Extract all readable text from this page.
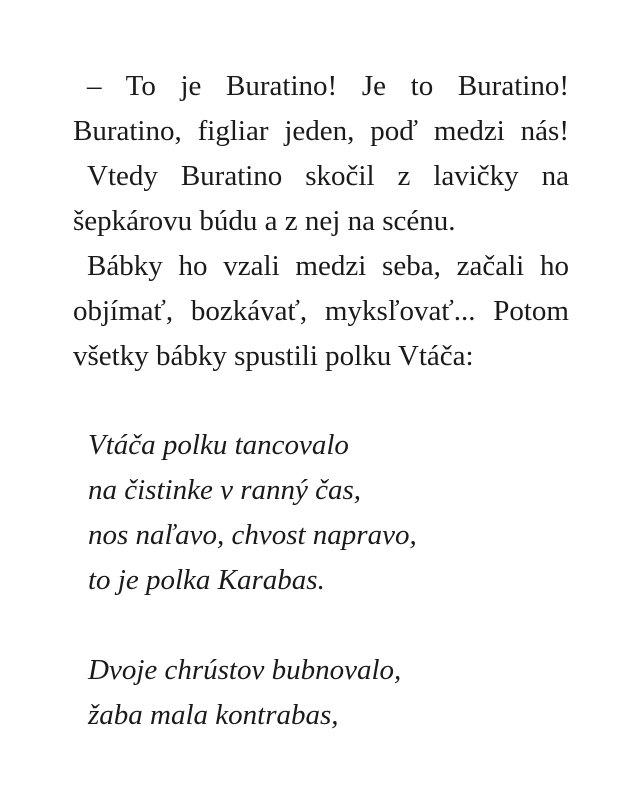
– To je Buratino! Je to Buratino!
Buratino, figliar jeden, poď medzi nás!
Vtedy Buratino skočil z lavičky na
šepkárovu búdu a z nej na scénu.
Bábky ho vzali medzi seba, začali ho
objímať, bozkávať, myksľovať... Potom
všetky bábky spustili polku Vtáča:
Vtáča polku tancovalo
na čistinke v ranný čas,
nos naľavo, chvost napravo,
to je polka Karabas.
Dvoje chrústov bubnovalo,
žaba mala kontrabas,
